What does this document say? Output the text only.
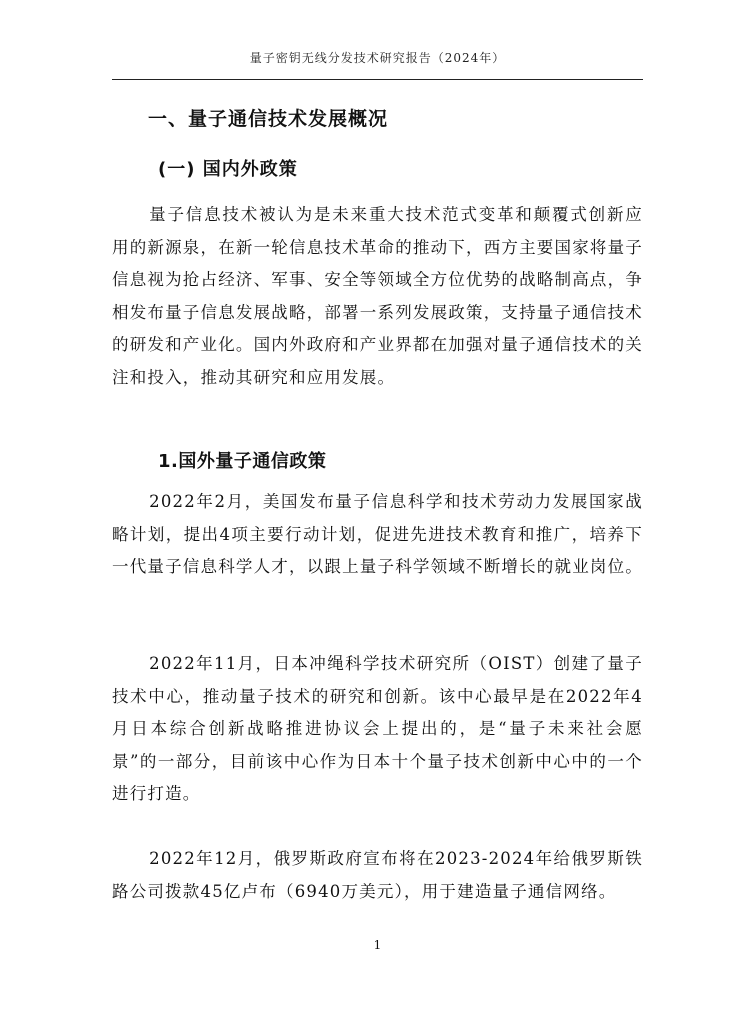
量子密钥无线分发技术研究报告（2024年）
一、量子通信技术发展概况
(一) 国内外政策

量子信息技术被认为是未来重大技术范式变革和颠覆式创新应用的新源泉，在新一轮信息技术革命的推动下，西方主要国家将量子信息视为抢占经济、军事、安全等领域全方位优势的战略制高点，争相发布量子信息发展战略，部署一系列发展政策，支持量子通信技术的研发和产业化。国内外政府和产业界都在加强对量子通信技术的关注和投入，推动其研究和应用发展。

1.国外量子通信政策

2022年2月，美国发布量子信息科学和技术劳动力发展国家战略计划，提出4项主要行动计划，促进先进技术教育和推广，培养下一代量子信息科学人才，以跟上量子科学领域不断增长的就业岗位。

2022年11月，日本冲绳科学技术研究所（OIST）创建了量子技术中心，推动量子技术的研究和创新。该中心最早是在2022年4月日本综合创新战略推进协议会上提出的，是“量子未来社会愿景”的一部分，目前该中心作为日本十个量子技术创新中心中的一个进行打造。

2022年12月，俄罗斯政府宣布将在2023-2024年给俄罗斯铁路公司拨款45亿卢布（6940万美元），用于建造量子通信网络。

1
